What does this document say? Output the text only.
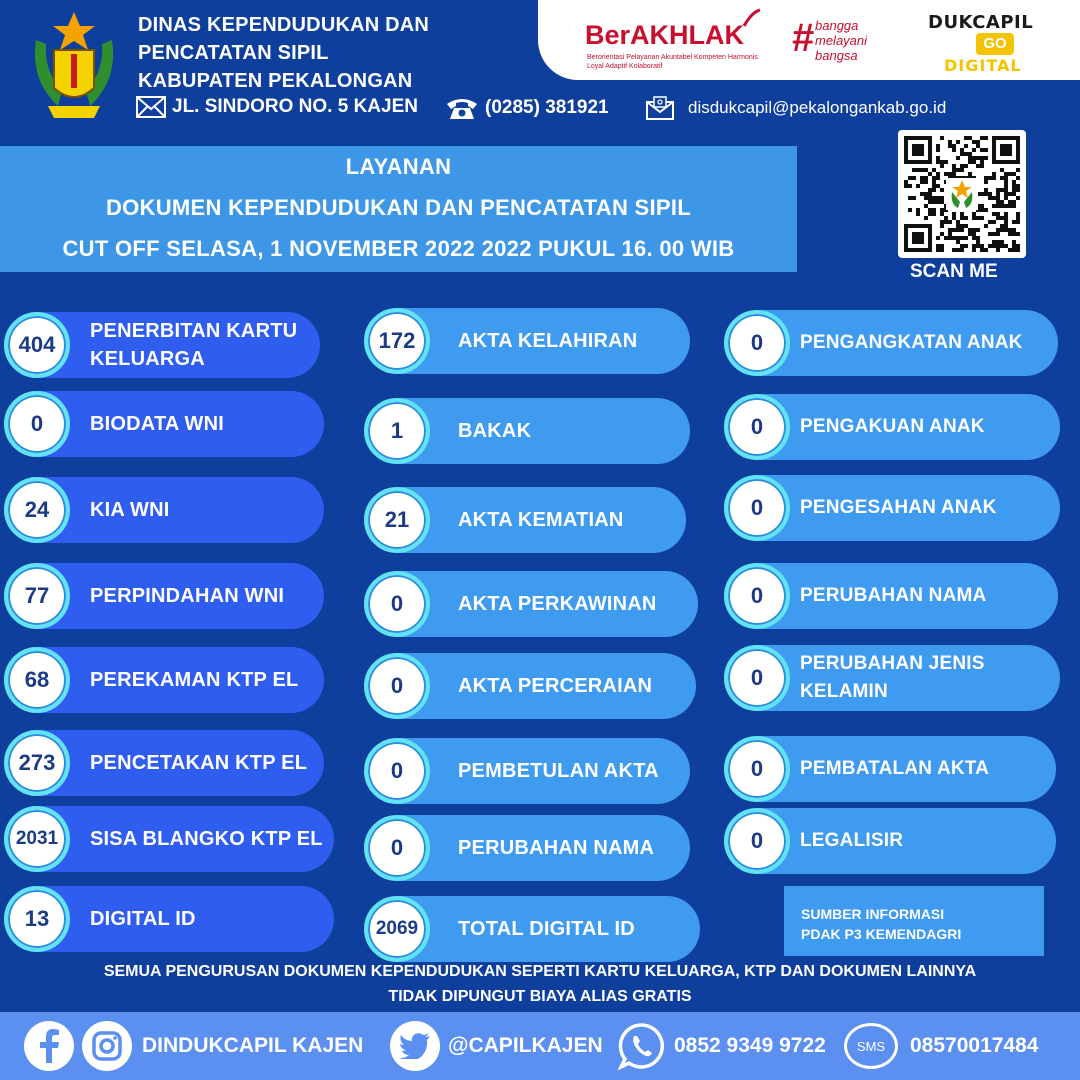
DINAS KEPENDUDUKAN DAN
PENCATATAN SIPIL
KABUPATEN PEKALONGAN
JL. SINDORO NO. 5 KAJEN	(0285) 381921	disdukcapil@pekalongankab.go.id
BerAKHLAK
Berorientasi Pelayanan Akuntabel Kompeten Harmonis Loyal Adaptif Kolaboratif
# bangga
melayani
bangsa
DUKCAPIL
GO
DIGITAL
LAYANAN
DOKUMEN KEPENDUDUKAN DAN PENCATATAN SIPIL
CUT OFF SELASA, 1 NOVEMBER 2022 2022 PUKUL 16. 00 WIB
SCAN ME
PENERBITAN KARTU KELUARGA
404
BIODATA WNI
0
KIA WNI
24
PERPINDAHAN WNI
77
PEREKAMAN KTP EL
68
PENCETAKAN KTP EL
273
SISA BLANGKO KTP EL
2031
DIGITAL ID
13
AKTA KELAHIRAN
172
BAKAK
1
AKTA KEMATIAN
21
AKTA PERKAWINAN
0
AKTA PERCERAIAN
0
PEMBETULAN AKTA
0
PERUBAHAN NAMA
0
TOTAL DIGITAL ID
2069
PENGANGKATAN ANAK
0
PENGAKUAN ANAK
0
PENGESAHAN ANAK
0
PERUBAHAN NAMA
0
PERUBAHAN JENIS KELAMIN
0
PEMBATALAN AKTA
0
LEGALISIR
0
SUMBER INFORMASI
PDAK P3 KEMENDAGRI
SEMUA PENGURUSAN DOKUMEN KEPENDUDUKAN SEPERTI KARTU KELUARGA, KTP DAN DOKUMEN LAINNYA
TIDAK DIPUNGUT BIAYA ALIAS GRATIS
DINDUKCAPIL KAJEN	@CAPILKAJEN	0852 9349 9722 SMS 08570017484
